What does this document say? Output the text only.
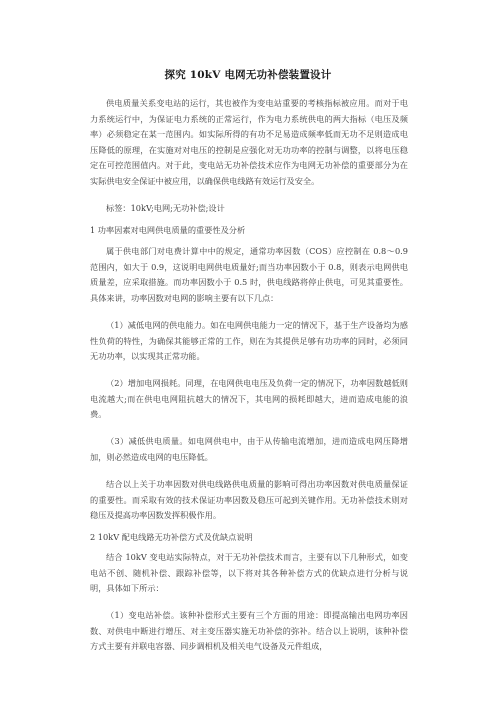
探究 10kV 电网无功补偿装置设计

供电质量关系变电站的运行，其也被作为变电站重要的考核指标被应用。而对于电力系统运行中，为保证电力系统的正常运行，作为电力系统供电的两大指标（电压及频率）必须稳定在某一范围内。如实际所得的有功不足易造成频率低而无功不足则造成电压降低的原理，在实施对对电压的控制是应强化对无功功率的控制与调整，以将电压稳定在可控范围值内。对于此，变电站无功补偿技术应作为电网无功补偿的重要部分为在实际供电安全保证中被应用，以确保供电线路有效运行及安全。

标签：10kV;电网;无功补偿;设计

1 功率因素对电网供电质量的重要性及分析

属于供电部门对电费计算中中的规定，通常功率因数（COS）应控制在 0.8～0.9 范围内，如大于 0.9，这说明电网供电质量好;而当功率因数小于 0.8，则表示电网供电质量差，应采取措施。而功率因数小于 0.5 时，供电线路将停止供电，可见其重要性。具体来讲，功率因数对电网的影响主要有以下几点：

（1）减低电网的供电能力。如在电网供电能力一定的情况下，基于生产设备均为感性负荷的特性，为确保其能够正常的工作，则在为其提供足够有功功率的同时，必须同无功功率，以实现其正常功能。

（2）增加电网损耗。同理，在电网供电电压及负荷一定的情况下，功率因数越低则电流越大;而在供电电网阻抗越大的情况下，其电网的损耗即越大，进而造成电能的浪费。

（3）减低供电质量。如电网供电中，由于从传输电流增加，进而造成电网压降增加，则必然造成电网的电压降低。

结合以上关于功率因数对供电线路供电质量的影响可得出功率因数对供电质量保证的重要性。而采取有效的技术保证功率因数及稳压可起到关键作用。无功补偿技术则对稳压及提高功率因数发挥积极作用。

2 10kV 配电线路无功补偿方式及优缺点说明

结合 10kV 变电站实际特点，对于无功补偿技术而言，主要有以下几种形式，如变电站不创、随机补偿、跟踪补偿等，以下将对其各种补偿方式的优缺点进行分析与说明，具体如下所示：

（1）变电站补偿。该种补偿形式主要有三个方面的用途：即提高输出电网功率因数、对供电中断进行增压、对主变压器实施无功补偿的弥补。结合以上说明，该种补偿方式主要有并联电容器、同步调相机及相关电气设备及元件组成，
